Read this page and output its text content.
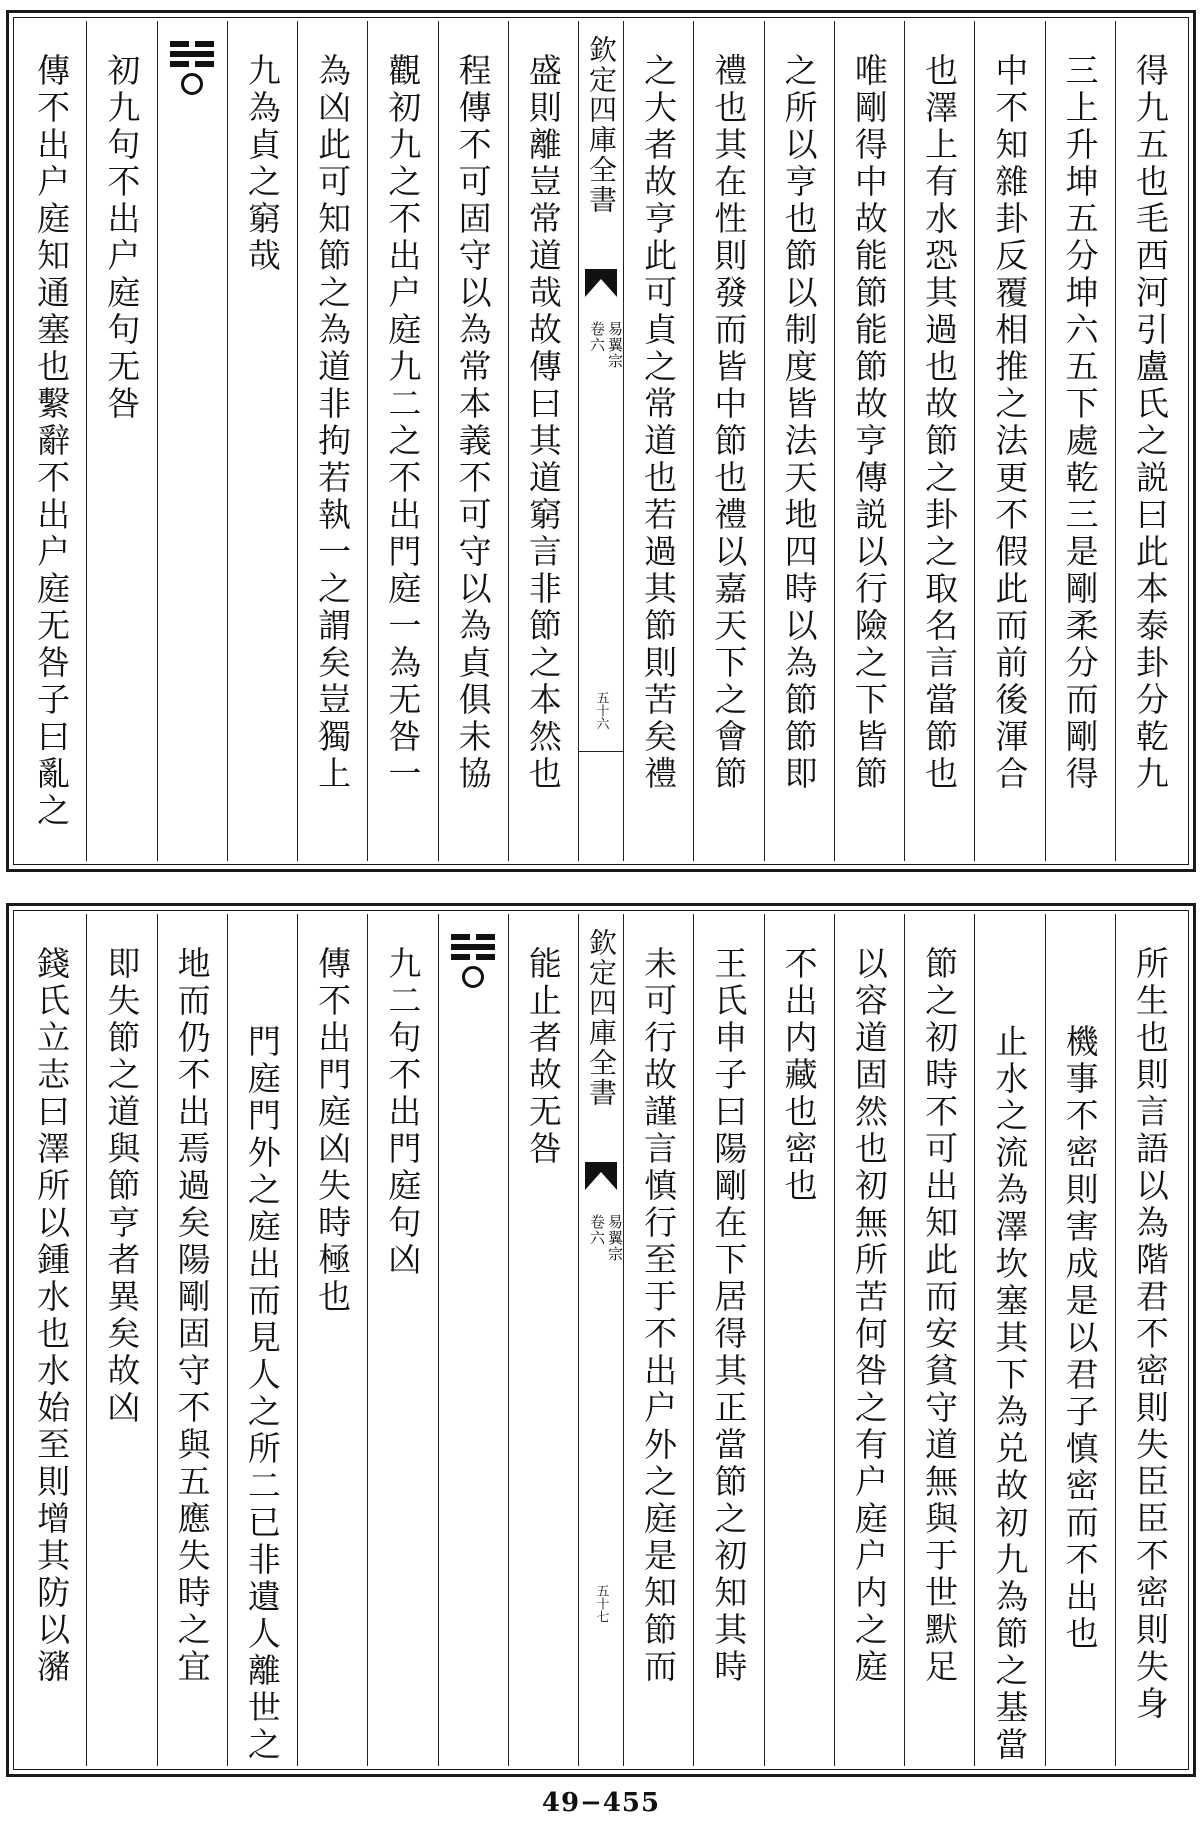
得九五也毛西河引盧氏之説曰此本泰卦分乾九
三上升坤五分坤六五下處乾三是剛柔分而剛得
中不知雜卦反覆相推之法更不假此而前後渾合
也澤上有水恐其過也故節之卦之取名言當節也
唯剛得中故能節能節故亨傳説以行險之下皆節
之所以亨也節以制度皆法天地四時以為節節即
禮也其在性則發而皆中節也禮以嘉天下之會節
之大者故亨此可貞之常道也若過其節則苦矣禮
欽定四庫全書
易翼宗
卷六
五十六
盛則離豈常道哉故傳曰其道窮言非節之本然也
程傳不可固守以為常本義不可守以為貞俱未協
觀初九之不出户庭九二之不出門庭一為无咎一
為凶此可知節之為道非拘若執一之謂矣豈獨上
九為貞之窮哉
初九句不出户庭句无咎
傳不出户庭知通塞也繫辭不出户庭无咎子曰亂之
所生也則言語以為階君不密則失臣臣不密則失身
機事不密則害成是以君子慎密而不出也
止水之流為澤坎塞其下為兑故初九為節之基當
節之初時不可出知此而安貧守道無與于世默足
以容道固然也初無所苦何咎之有户庭户内之庭
不出内藏也密也
王氏申子曰陽剛在下居得其正當節之初知其時
未可行故謹言慎行至于不出户外之庭是知節而
欽定四庫全書
易翼宗
卷六
五十七
能止者故无咎
九二句不出門庭句凶
傳不出門庭凶失時極也
門庭門外之庭出而見人之所二已非遺人離世之
地而仍不出焉過矣陽剛固守不與五應失時之宜
即失節之道與節亨者異矣故凶
錢氏立志曰澤所以鍾水也水始至則增其防以瀦
49−455
